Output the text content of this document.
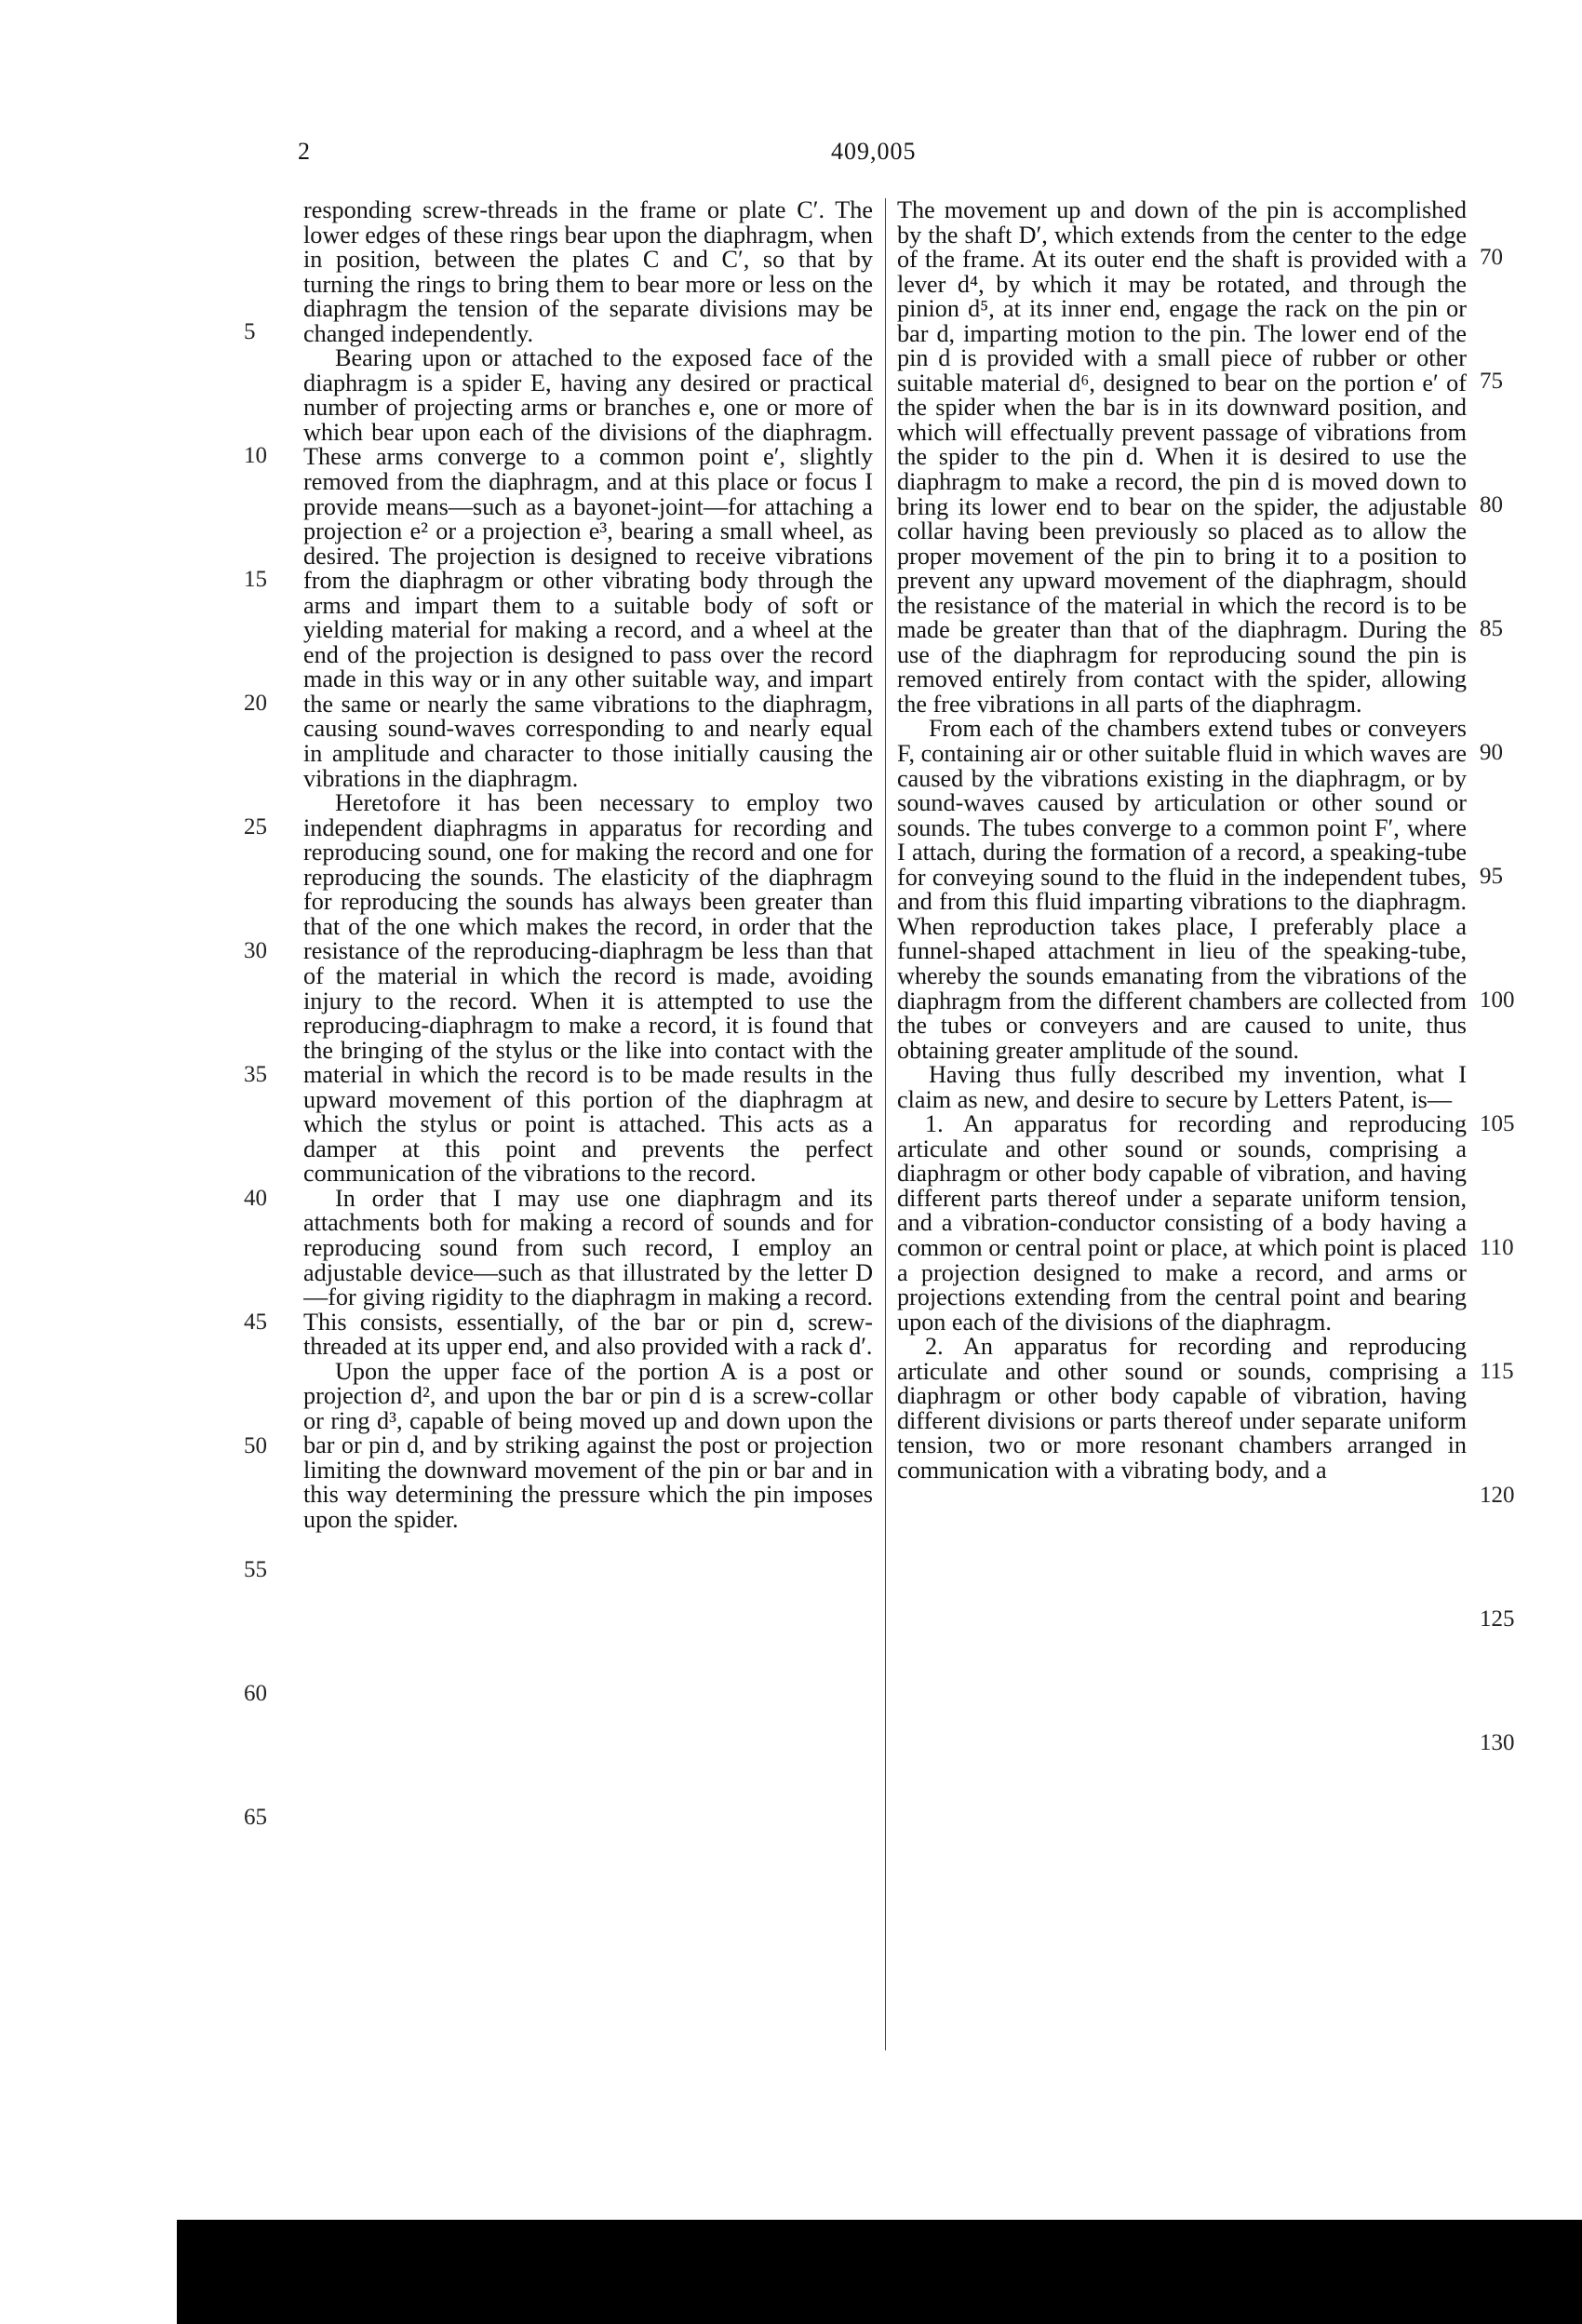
2	409,005

responding screw-threads in the frame or plate C′. The lower edges of these rings bear upon the diaphragm, when in position, between the plates C and C′, so that by turning the rings to bring them to bear more or less on the diaphragm the tension of the separate divisions may be changed independently.

Bearing upon or attached to the exposed face of the diaphragm is a spider E, having any desired or practical number of projecting arms or branches e, one or more of which bear upon each of the divisions of the diaphragm. These arms converge to a common point e′, slightly removed from the diaphragm, and at this place or focus I provide means—such as a bayonet-joint—for attaching a projection e² or a projection e³, bearing a small wheel, as desired. The projection is designed to receive vibrations from the diaphragm or other vibrating body through the arms and impart them to a suitable body of soft or yielding material for making a record, and a wheel at the end of the projection is designed to pass over the record made in this way or in any other suitable way, and impart the same or nearly the same vibrations to the diaphragm, causing sound-waves corresponding to and nearly equal in amplitude and character to those initially causing the vibrations in the diaphragm.

Heretofore it has been necessary to employ two independent diaphragms in apparatus for recording and reproducing sound, one for making the record and one for reproducing the sounds. The elasticity of the diaphragm for reproducing the sounds has always been greater than that of the one which makes the record, in order that the resistance of the reproducing-diaphragm be less than that of the material in which the record is made, avoiding injury to the record. When it is attempted to use the reproducing-diaphragm to make a record, it is found that the bringing of the stylus or the like into contact with the material in which the record is to be made results in the upward movement of this portion of the diaphragm at which the stylus or point is attached. This acts as a damper at this point and prevents the perfect communication of the vibrations to the record.

In order that I may use one diaphragm and its attachments both for making a record of sounds and for reproducing sound from such record, I employ an adjustable device—such as that illustrated by the letter D—for giving rigidity to the diaphragm in making a record. This consists, essentially, of the bar or pin d, screw-threaded at its upper end, and also provided with a rack d′.

Upon the upper face of the portion A is a post or projection d², and upon the bar or pin d is a screw-collar or ring d³, capable of being moved up and down upon the bar or pin d, and by striking against the post or projection limiting the downward movement of the pin or bar and in this way determining the pressure which the pin imposes upon the spider.

The movement up and down of the pin is accomplished by the shaft D′, which extends from the center to the edge of the frame. At its outer end the shaft is provided with a lever d⁴, by which it may be rotated, and through the pinion d⁵, at its inner end, engage the rack on the pin or bar d, imparting motion to the pin. The lower end of the pin d is provided with a small piece of rubber or other suitable material d⁶, designed to bear on the portion e′ of the spider when the bar is in its downward position, and which will effectually prevent passage of vibrations from the spider to the pin d. When it is desired to use the diaphragm to make a record, the pin d is moved down to bring its lower end to bear on the spider, the adjustable collar having been previously so placed as to allow the proper movement of the pin to bring it to a position to prevent any upward movement of the diaphragm, should the resistance of the material in which the record is to be made be greater than that of the diaphragm. During the use of the diaphragm for reproducing sound the pin is removed entirely from contact with the spider, allowing the free vibrations in all parts of the diaphragm.

From each of the chambers extend tubes or conveyers F, containing air or other suitable fluid in which waves are caused by the vibrations existing in the diaphragm, or by sound-waves caused by articulation or other sound or sounds. The tubes converge to a common point F′, where I attach, during the formation of a record, a speaking-tube for conveying sound to the fluid in the independent tubes, and from this fluid imparting vibrations to the diaphragm. When reproduction takes place, I preferably place a funnel-shaped attachment in lieu of the speaking-tube, whereby the sounds emanating from the vibrations of the diaphragm from the different chambers are collected from the tubes or conveyers and are caused to unite, thus obtaining greater amplitude of the sound.

Having thus fully described my invention, what I claim as new, and desire to secure by Letters Patent, is—

1. An apparatus for recording and reproducing articulate and other sound or sounds, comprising a diaphragm or other body capable of vibration, and having different parts thereof under a separate uniform tension, and a vibration-conductor consisting of a body having a common or central point or place, at which point is placed a projection designed to make a record, and arms or projections extending from the central point and bearing upon each of the divisions of the diaphragm.

2. An apparatus for recording and reproducing articulate and other sound or sounds, comprising a diaphragm or other body capable of vibration, having different divisions or parts thereof under separate uniform tension, two or more resonant chambers arranged in communication with a vibrating body, and a

5
10
15
20
25
30
35
40
45
50
55
60
65
70
75
80
85
90
95
100
105
110
115
120
125
130
